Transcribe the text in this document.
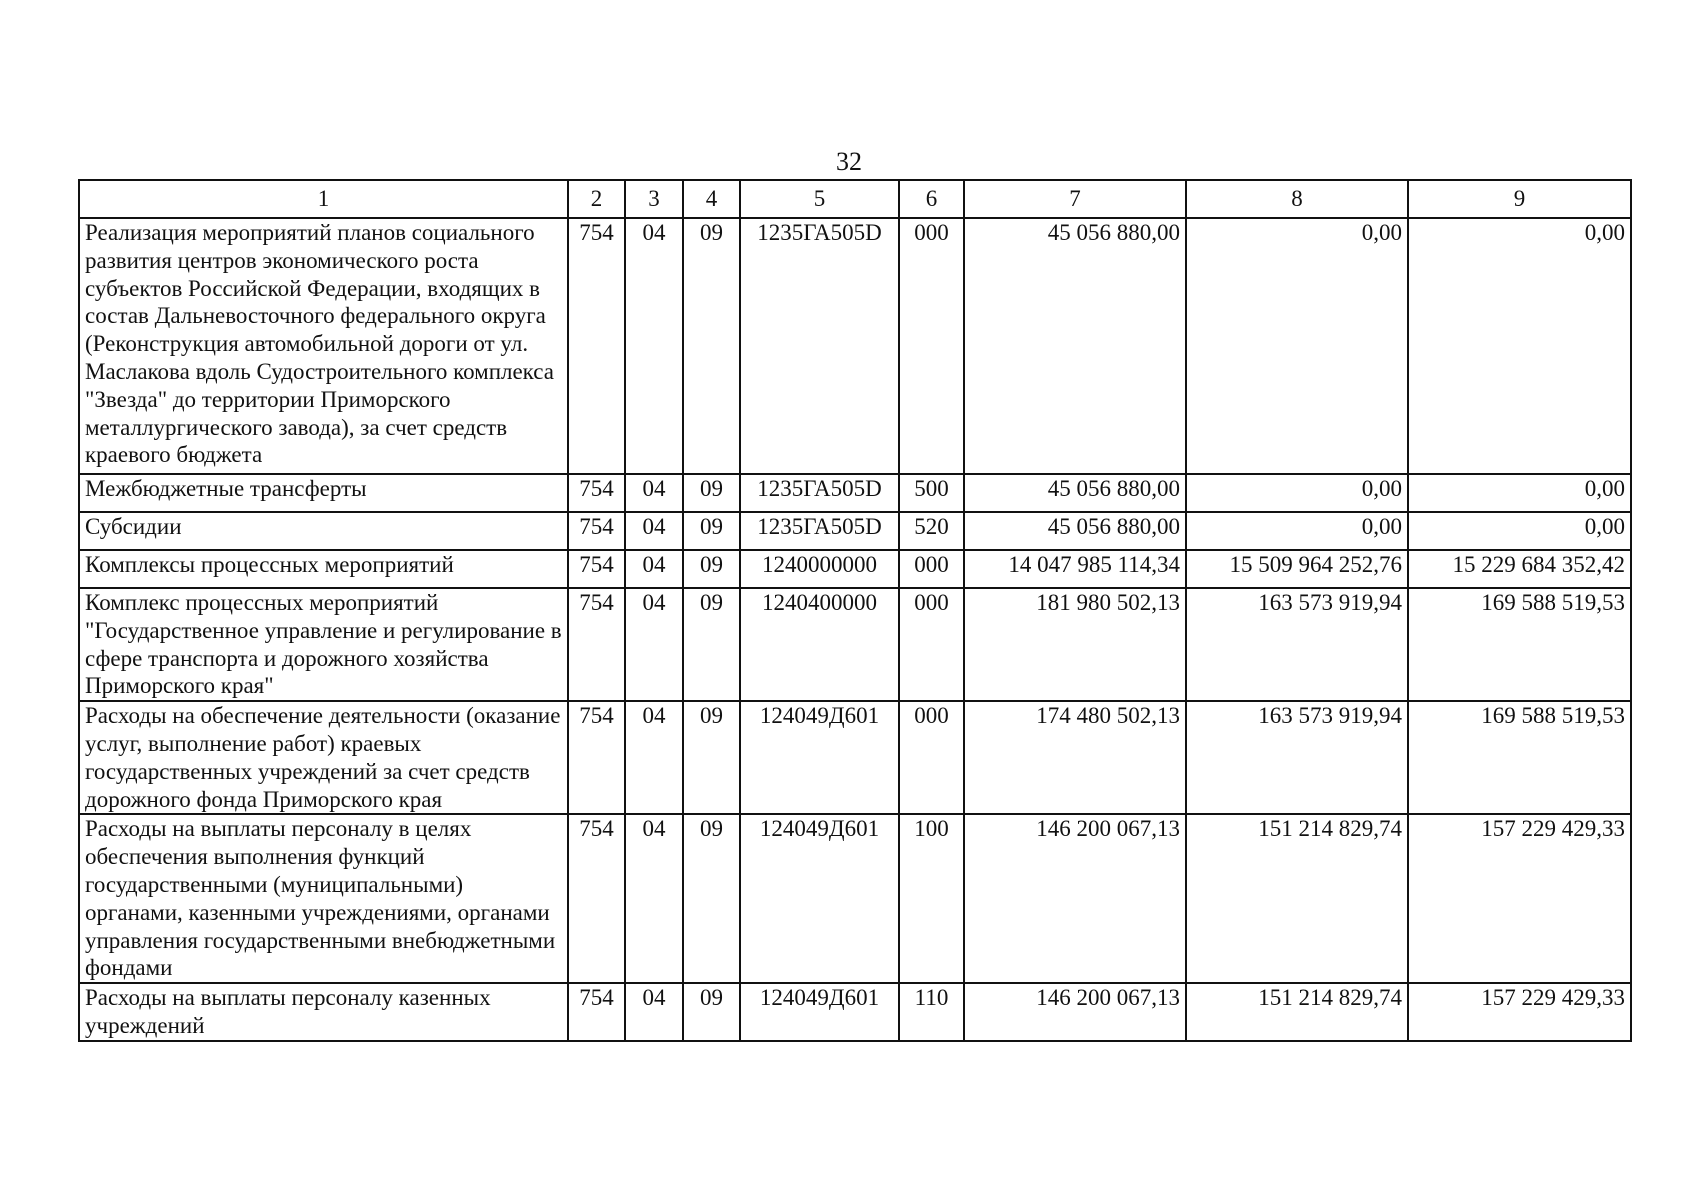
32
1	2	3	4	5	6	7	8	9
Реализация мероприятий планов социального развития центров экономического роста субъектов Российской Федерации, входящих в состав Дальневосточного федерального округа (Реконструкция автомобильной дороги от ул. Маслакова вдоль Судостроительного комплекса "Звезда" до территории Приморского металлургического завода), за счет средств краевого бюджета	754	04	09	1235ГА505D	000	45 056 880,00	0,00	0,00
Межбюджетные трансферты	754	04	09	1235ГА505D	500	45 056 880,00	0,00	0,00
Субсидии	754	04	09	1235ГА505D	520	45 056 880,00	0,00	0,00
Комплексы процессных мероприятий	754	04	09	1240000000	000	14 047 985 114,34	15 509 964 252,76	15 229 684 352,42
Комплекс процессных мероприятий "Государственное управление и регулирование в сфере транспорта и дорожного хозяйства Приморского края"	754	04	09	1240400000	000	181 980 502,13	163 573 919,94	169 588 519,53
Расходы на обеспечение деятельности (оказание услуг, выполнение работ) краевых государственных учреждений за счет средств дорожного фонда Приморского края	754	04	09	124049Д601	000	174 480 502,13	163 573 919,94	169 588 519,53
Расходы на выплаты персоналу в целях обеспечения выполнения функций государственными (муниципальными) органами, казенными учреждениями, органами управления государственными внебюджетными фондами	754	04	09	124049Д601	100	146 200 067,13	151 214 829,74	157 229 429,33
Расходы на выплаты персоналу казенных учреждений	754	04	09	124049Д601	110	146 200 067,13	151 214 829,74	157 229 429,33
